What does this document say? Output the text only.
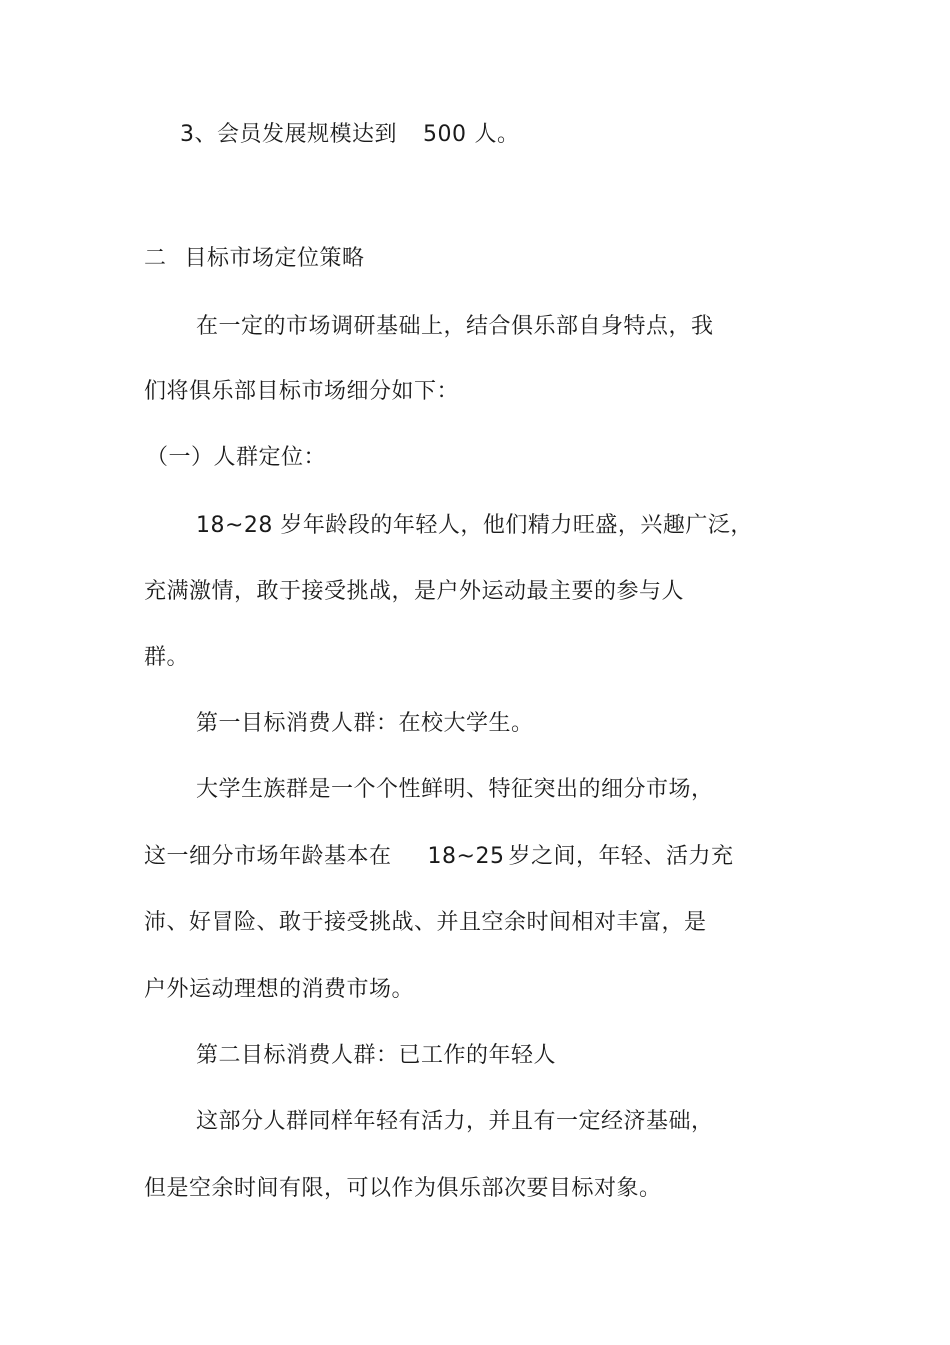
3、会员发展规模达到 500 人。
二 目标市场定位策略
在一定的市场调研基础上，结合俱乐部自身特点，我
们将俱乐部目标市场细分如下：
（一）人群定位：
18~28 岁年龄段的年轻人，他们精力旺盛，兴趣广泛，
充满激情，敢于接受挑战，是户外运动最主要的参与人
群。
第一目标消费人群：在校大学生。
大学生族群是一个个性鲜明、特征突出的细分市场，
这一细分市场年龄基本在 18~25 岁之间，年轻、活力充
沛、好冒险、敢于接受挑战、并且空余时间相对丰富，是
户外运动理想的消费市场。
第二目标消费人群：已工作的年轻人
这部分人群同样年轻有活力，并且有一定经济基础，
但是空余时间有限，可以作为俱乐部次要目标对象。
